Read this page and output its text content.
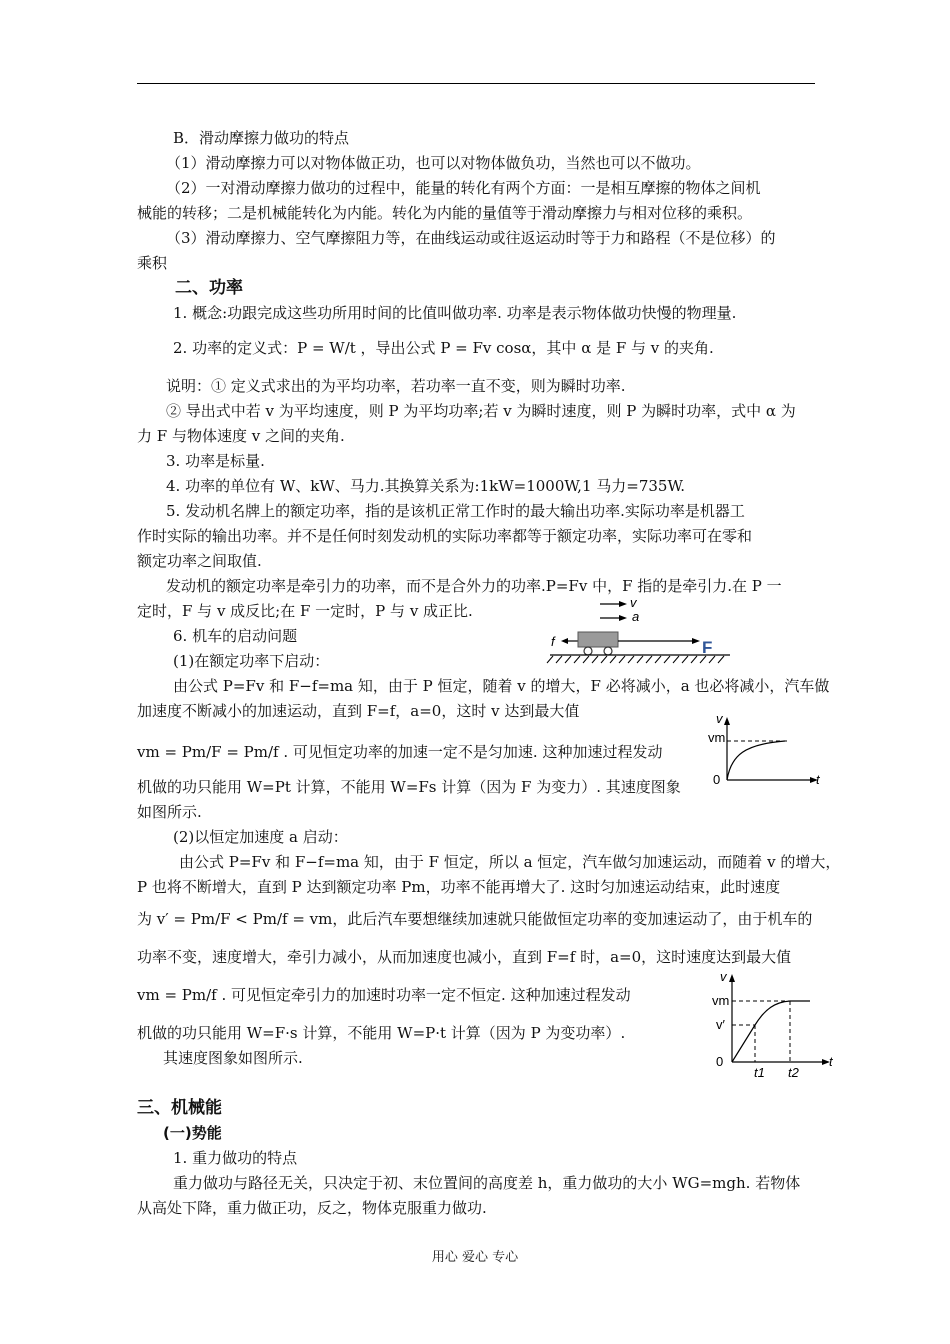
B．滑动摩擦力做功的特点
（1）滑动摩擦力可以对物体做正功，也可以对物体做负功，当然也可以不做功。
（2）一对滑动摩擦力做功的过程中，能量的转化有两个方面：一是相互摩擦的物体之间机
械能的转移；二是机械能转化为内能。转化为内能的量值等于滑动摩擦力与相对位移的乘积。
（3）滑动摩擦力、空气摩擦阻力等，在曲线运动或往返运动时等于力和路程（不是位移）的
乘积
二、功率
1. 概念:功跟完成这些功所用时间的比值叫做功率. 功率是表示物体做功快慢的物理量.
2. 功率的定义式：P = W/t ，导出公式 P = Fv cosα，其中 α 是 F 与 v 的夹角.
说明：① 定义式求出的为平均功率，若功率一直不变，则为瞬时功率.
② 导出式中若 v 为平均速度，则 P 为平均功率;若 v 为瞬时速度，则 P 为瞬时功率，式中 α 为
力 F 与物体速度 v 之间的夹角.
3. 功率是标量.
4. 功率的单位有 W、kW、马力.其换算关系为:1kW=1000W,1 马力=735W.
5. 发动机名牌上的额定功率，指的是该机正常工作时的最大输出功率.实际功率是机器工
作时实际的输出功率。并不是任何时刻发动机的实际功率都等于额定功率，实际功率可在零和
额定功率之间取值.
发动机的额定功率是牵引力的功率，而不是合外力的功率.P=Fv 中，F 指的是牵引力.在 P 一
定时，F 与 v 成反比;在 F 一定时，P 与 v 成正比.
6. 机车的启动问题
(1)在额定功率下启动：
由公式 P=Fv 和 F−f=ma 知，由于 P 恒定，随着 v 的增大，F 必将减小，a 也必将减小，汽车做
加速度不断减小的加速运动，直到 F=f，a=0，这时 v 达到最大值
vm = Pm/F = Pm/f . 可见恒定功率的加速一定不是匀加速. 这种加速过程发动
机做的功只能用 W=Pt 计算，不能用 W=Fs 计算（因为 F 为变力）. 其速度图象
如图所示.
(2)以恒定加速度 a 启动：
由公式 P=Fv 和 F−f=ma 知，由于 F 恒定，所以 a 恒定，汽车做匀加速运动，而随着 v 的增大，
P 也将不断增大，直到 P 达到额定功率 Pm，功率不能再增大了. 这时匀加速运动结束，此时速度
为 v′ = Pm/F < Pm/f = vm，此后汽车要想继续加速就只能做恒定功率的变加速运动了，由于机车的
功率不变，速度增大，牵引力减小，从而加速度也减小，直到 F=f 时，a=0，这时速度达到最大值
vm = Pm/f . 可见恒定牵引力的加速时功率一定不恒定. 这种加速过程发动
机做的功只能用 W=F·s 计算，不能用 W=P·t 计算（因为 P 为变功率）.
其速度图象如图所示.
三、机械能
(一)势能
1. 重力做功的特点
重力做功与路径无关，只决定于初、末位置间的高度差 h，重力做功的大小 WG=mgh. 若物体
从高处下降，重力做正功，反之，物体克服重力做功.
v
a
f	F
v
vm
0	t
v
vm
v′
0	t
t1 t2
用心 爱心 专心
